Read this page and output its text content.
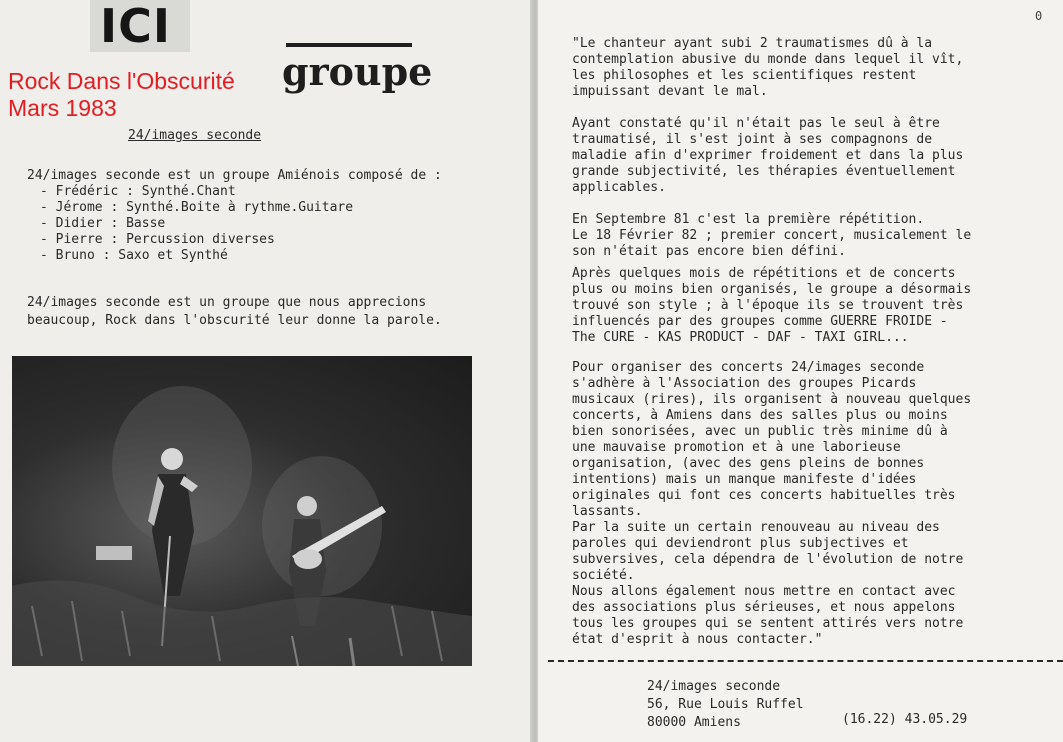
ICI
groupe
Rock Dans l'Obscurité
Mars 1983
24/images seconde
24/images seconde est un groupe Amiénois composé de :
- Frédéric : Synthé.Chant
- Jérome : Synthé.Boite à rythme.Guitare
- Didier : Basse
- Pierre : Percussion diverses
- Bruno : Saxo et Synthé
24/images seconde est un groupe que nous apprecions
beaucoup, Rock dans l'obscurité leur donne la parole.
"Le chanteur ayant subi 2 traumatismes dû à la
contemplation abusive du monde dans lequel il vît,
les philosophes et les scientifiques restent
impuissant devant le mal.
Ayant constaté qu'il n'était pas le seul à être
traumatisé, il s'est joint à ses compagnons de
maladie afin d'exprimer froidement et dans la plus
grande subjectivité, les thérapies éventuellement
applicables.
En Septembre 81 c'est la première répétition.
Le 18 Février 82 ; premier concert, musicalement le
son n'était pas encore bien défini.
Après quelques mois de répétitions et de concerts
plus ou moins bien organisés, le groupe a désormais
trouvé son style ; à l'époque ils se trouvent très
influencés par des groupes comme GUERRE FROIDE -
The CURE - KAS PRODUCT - DAF - TAXI GIRL...
Pour organiser des concerts 24/images seconde
s'adhère à l'Association des groupes Picards
musicaux (rires), ils organisent à nouveau quelques
concerts, à Amiens dans des salles plus ou moins
bien sonorisées, avec un public très minime dû à
une mauvaise promotion et à une laborieuse
organisation, (avec des gens pleins de bonnes
intentions) mais un manque manifeste d'idées
originales qui font ces concerts habituelles très
lassants.
Par la suite un certain renouveau au niveau des
paroles qui deviendront plus subjectives et
subversives, cela dépendra de l'évolution de notre
société.
Nous allons également nous mettre en contact avec
des associations plus sérieuses, et nous appelons
tous les groupes qui se sentent attirés vers notre
état d'esprit à nous contacter."
24/images seconde
56, Rue Louis Ruffel
80000 Amiens	(16.22) 43.05.29
0
